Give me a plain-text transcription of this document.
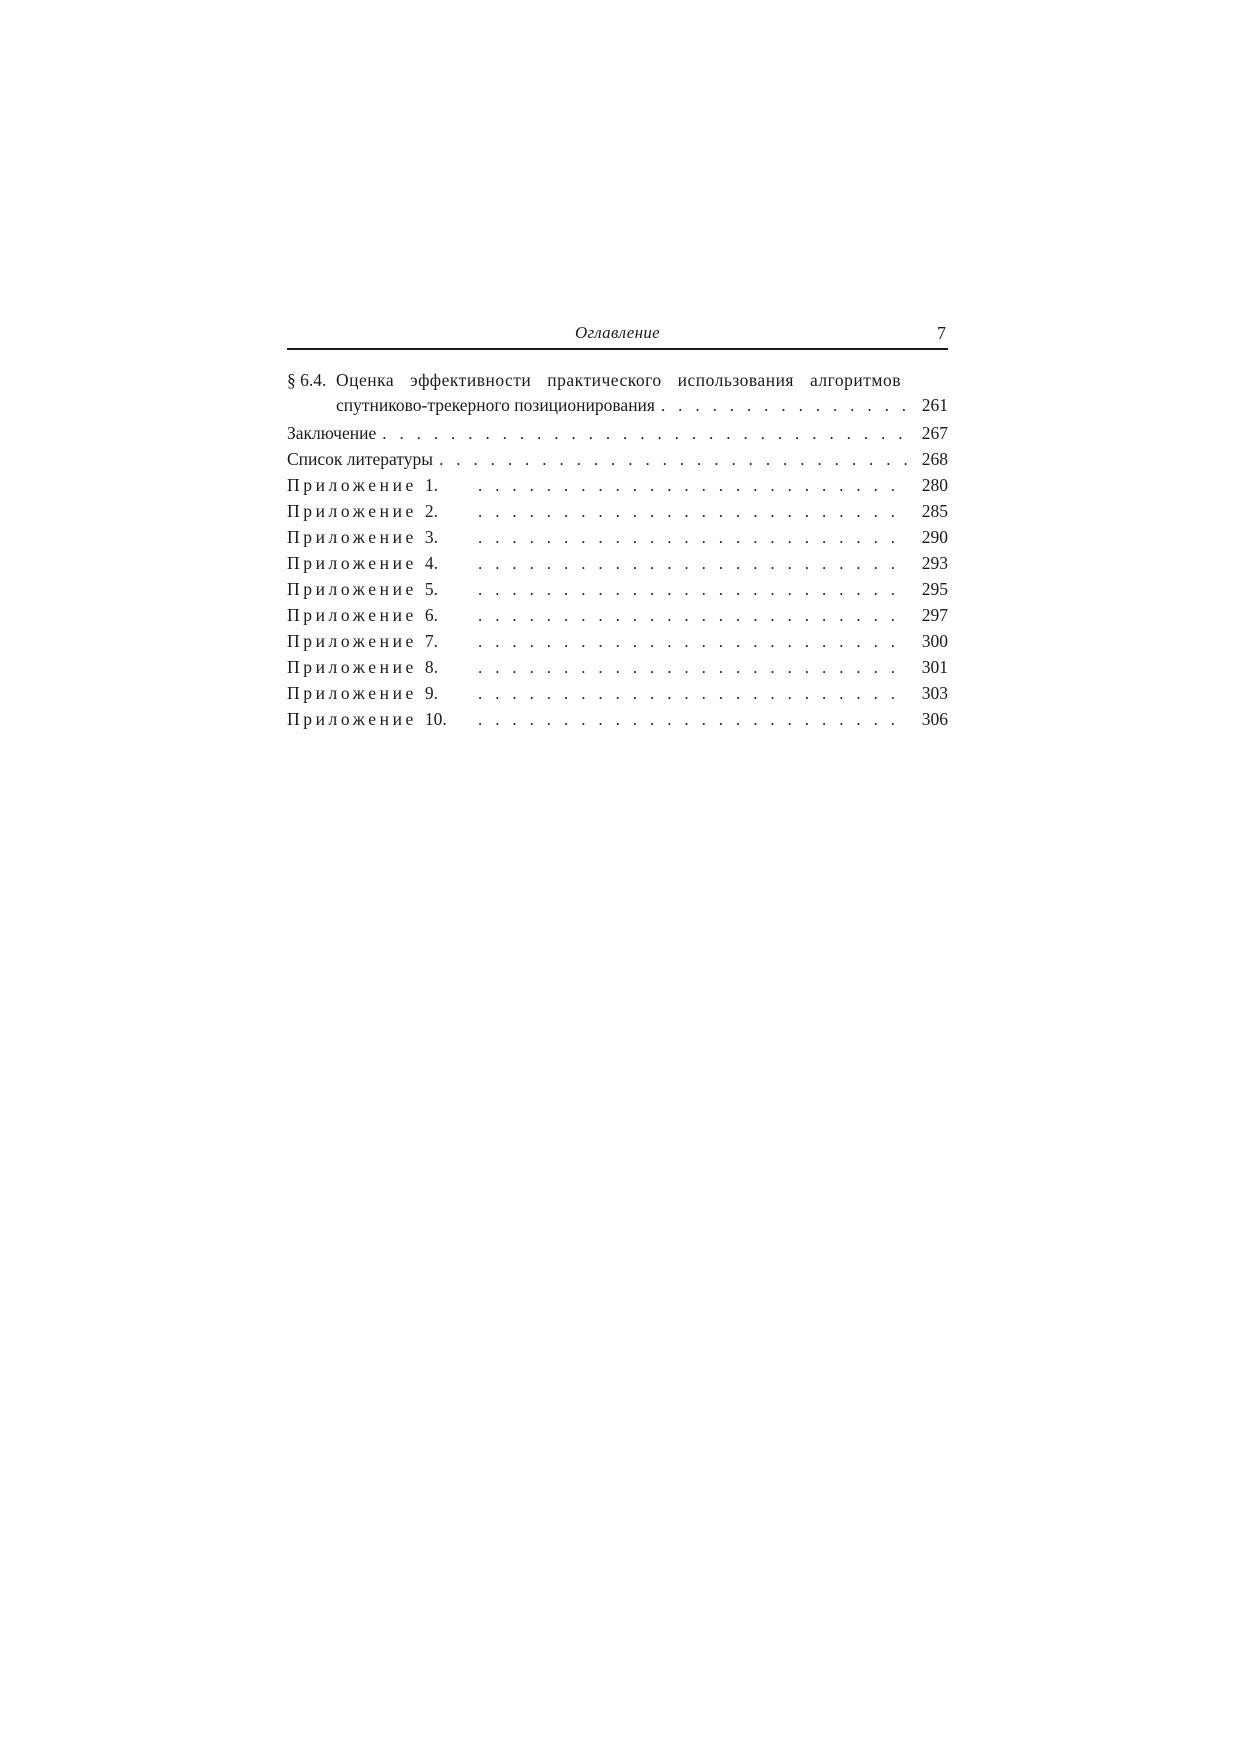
Оглавление	7
§ 6.4. Оценка эффективности практического использования алгоритмов
спутниково-трекерного позиционирования . . .	261
Заключение . . .	267
Список литературы . . .	268
Приложение 1. . . .	280
Приложение 2. . . .	285
Приложение 3. . . .	290
Приложение 4. . . .	293
Приложение 5. . . .	295
Приложение 6. . . .	297
Приложение 7. . . .	300
Приложение 8. . . .	301
Приложение 9. . . .	303
Приложение 10. . . .	306
